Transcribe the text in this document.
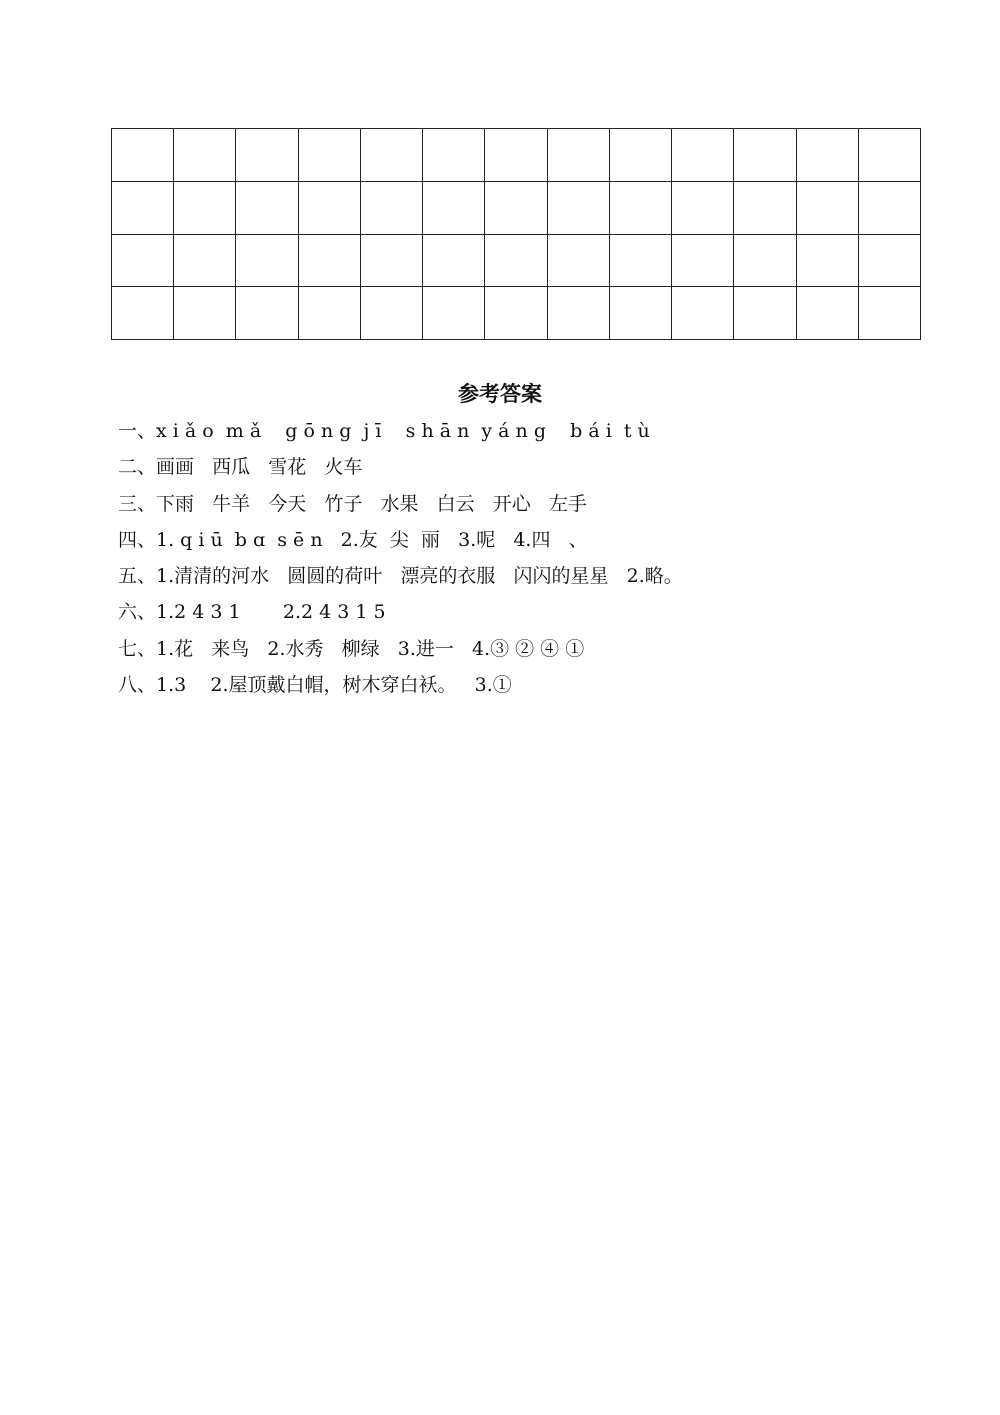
参考答案
一、x i ǎ o  m ǎ    g ō n g  j ī    s h ā n  y á n g    b á i  t ù
二、画画   西瓜   雪花   火车
三、下雨   牛羊   今天   竹子   水果   白云   开心   左手
四、1. q i ū  b ɑ  s ē n   2.友  尖  丽   3.呢   4.四   、
五、1.清清的河水   圆圆的荷叶   漂亮的衣服   闪闪的星星   2.略。
六、1.2 4 3 1       2.2 4 3 1 5
七、1.花   来鸟   2.水秀   柳绿   3.进一   4.③ ② ④ ①
八、1.3    2.屋顶戴白帽，树木穿白袄。   3.①
